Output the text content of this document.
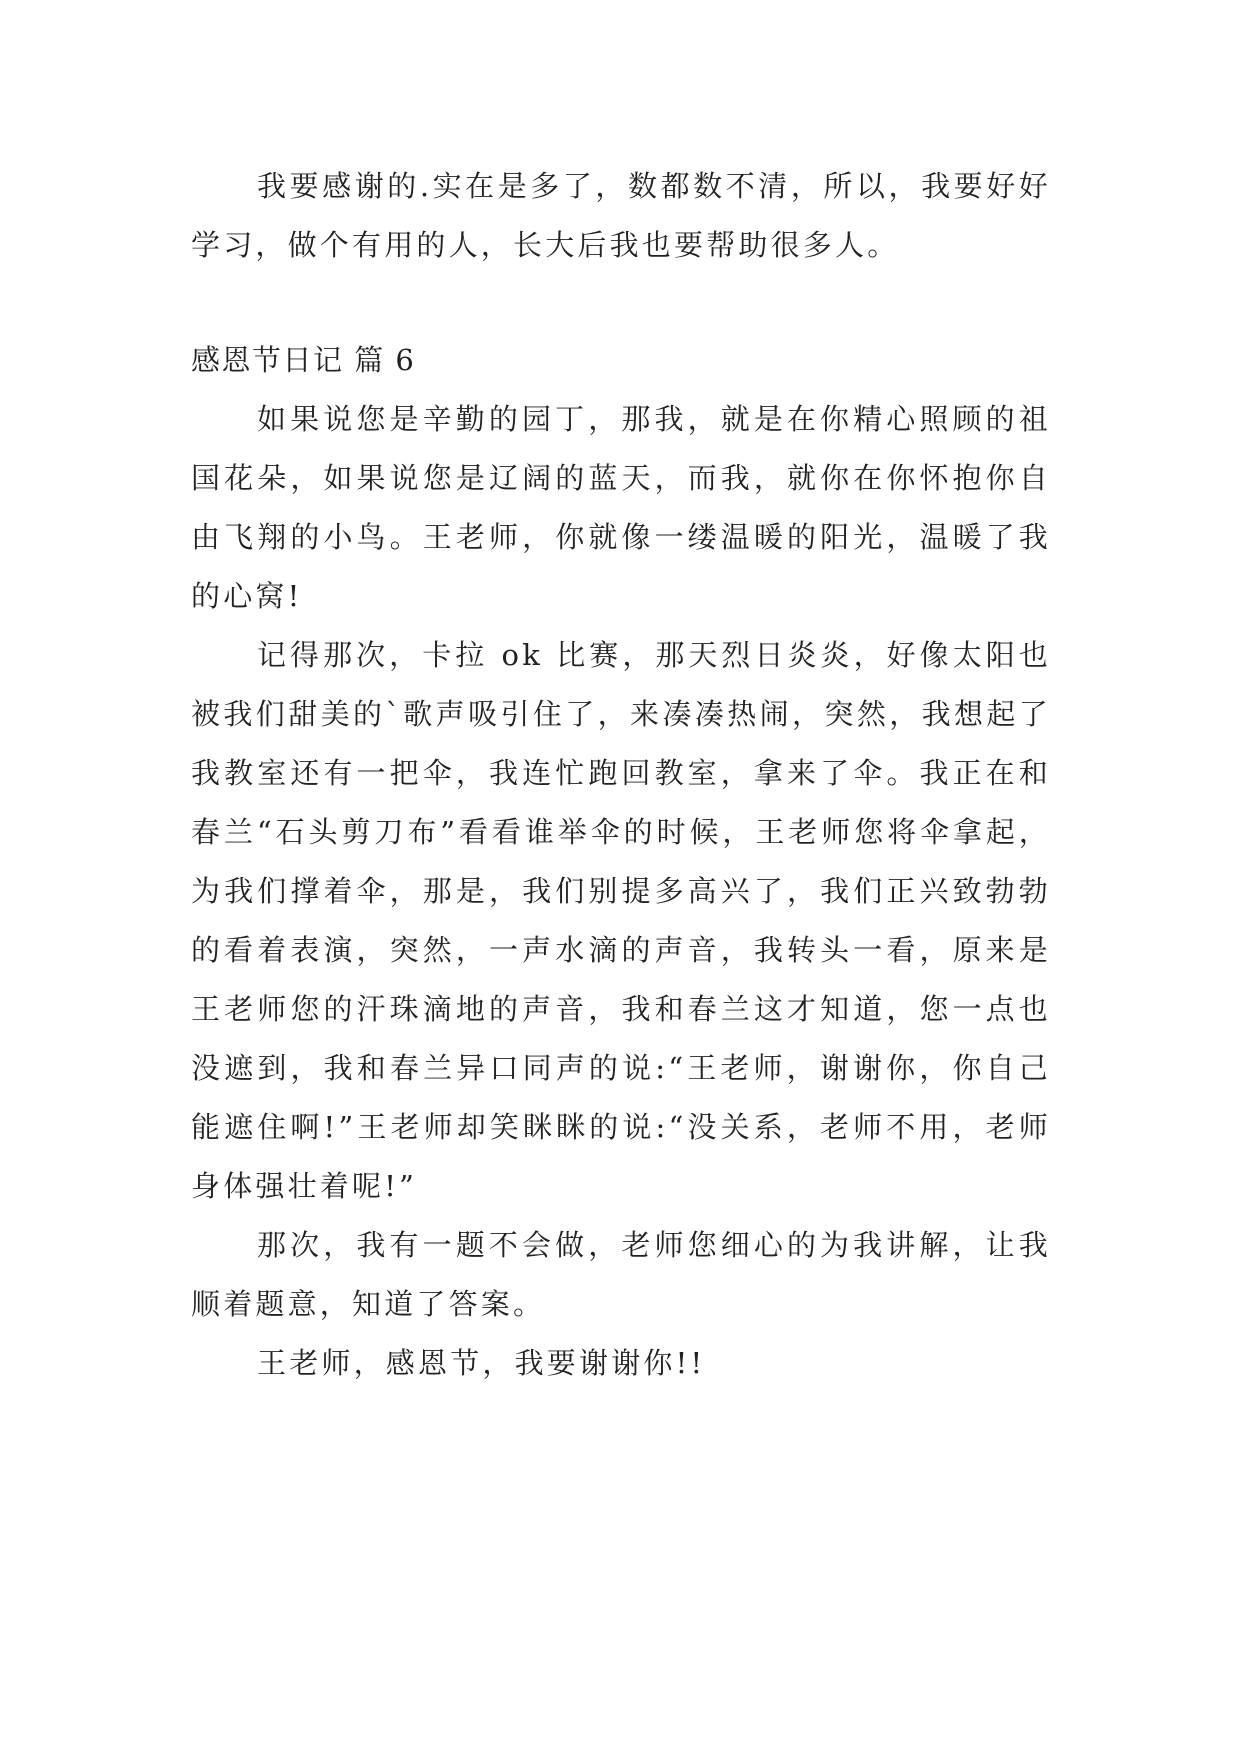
我要感谢的.实在是多了，数都数不清，所以，我要好好学习，做个有用的人，长大后我也要帮助很多人。

感恩节日记 篇 6

如果说您是辛勤的园丁，那我，就是在你精心照顾的祖国花朵，如果说您是辽阔的蓝天，而我，就你在你怀抱你自由飞翔的小鸟。王老师，你就像一缕温暖的阳光，温暖了我的心窝!

记得那次，卡拉 ok 比赛，那天烈日炎炎，好像太阳也被我们甜美的`歌声吸引住了，来凑凑热闹，突然，我想起了我教室还有一把伞，我连忙跑回教室，拿来了伞。我正在和春兰“石头剪刀布”看看谁举伞的时候，王老师您将伞拿起，为我们撑着伞，那是，我们别提多高兴了，我们正兴致勃勃的看着表演，突然，一声水滴的声音，我转头一看，原来是王老师您的汗珠滴地的声音，我和春兰这才知道，您一点也没遮到，我和春兰异口同声的说:“王老师，谢谢你，你自己能遮住啊!”王老师却笑眯眯的说:“没关系，老师不用，老师身体强壮着呢!”

那次，我有一题不会做，老师您细心的为我讲解，让我顺着题意，知道了答案。

王老师，感恩节，我要谢谢你!!
